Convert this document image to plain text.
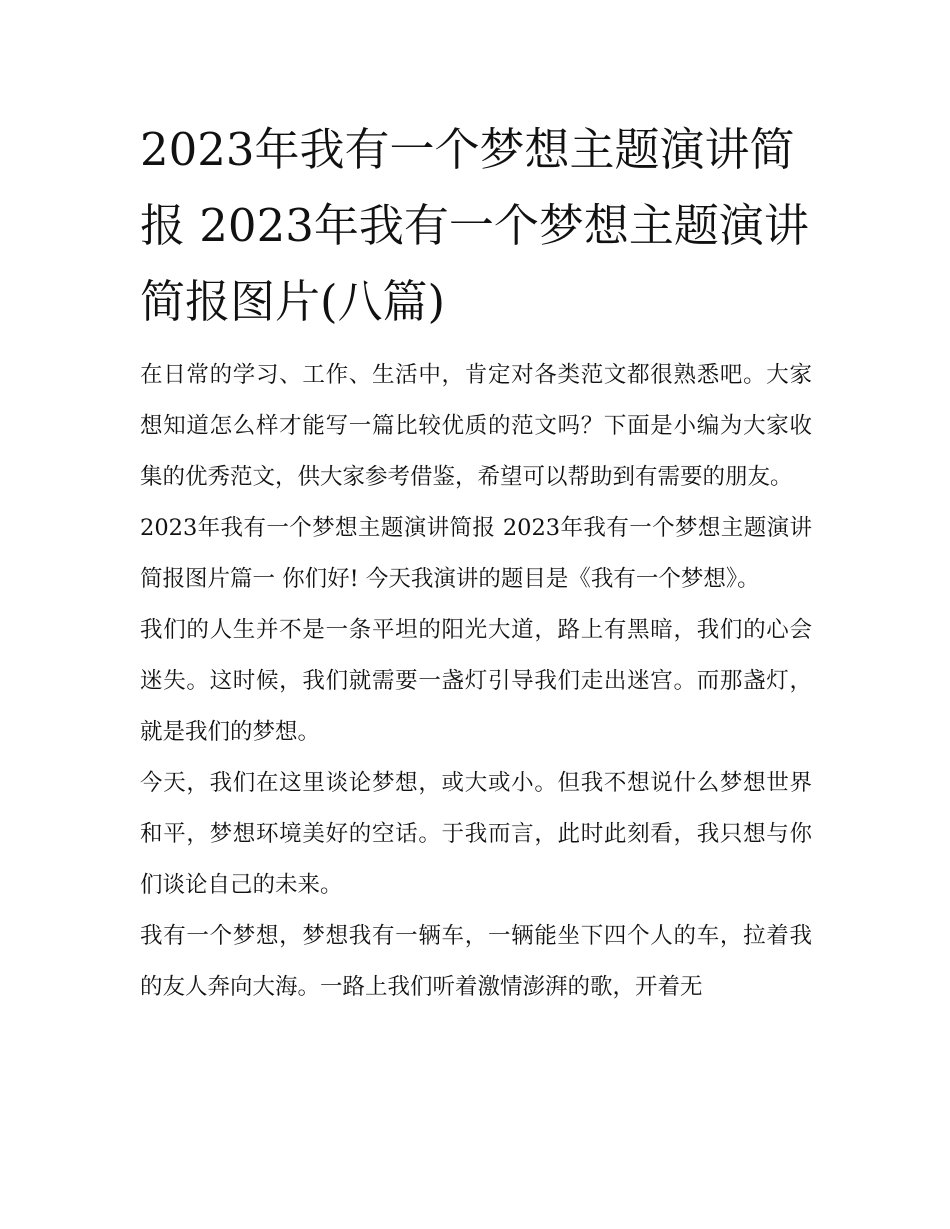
2023年我有一个梦想主题演讲简报 2023年我有一个梦想主题演讲简报图片(八篇)

在日常的学习、工作、生活中，肯定对各类范文都很熟悉吧。大家想知道怎么样才能写一篇比较优质的范文吗？下面是小编为大家收集的优秀范文，供大家参考借鉴，希望可以帮助到有需要的朋友。

2023年我有一个梦想主题演讲简报 2023年我有一个梦想主题演讲简报图片篇一 你们好! 今天我演讲的题目是《我有一个梦想》。

我们的人生并不是一条平坦的阳光大道，路上有黑暗，我们的心会迷失。这时候，我们就需要一盏灯引导我们走出迷宫。而那盏灯，就是我们的梦想。

今天，我们在这里谈论梦想，或大或小。但我不想说什么梦想世界和平，梦想环境美好的空话。于我而言，此时此刻看，我只想与你们谈论自己的未来。

我有一个梦想，梦想我有一辆车，一辆能坐下四个人的车，拉着我的友人奔向大海。一路上我们听着激情澎湃的歌，开着无
